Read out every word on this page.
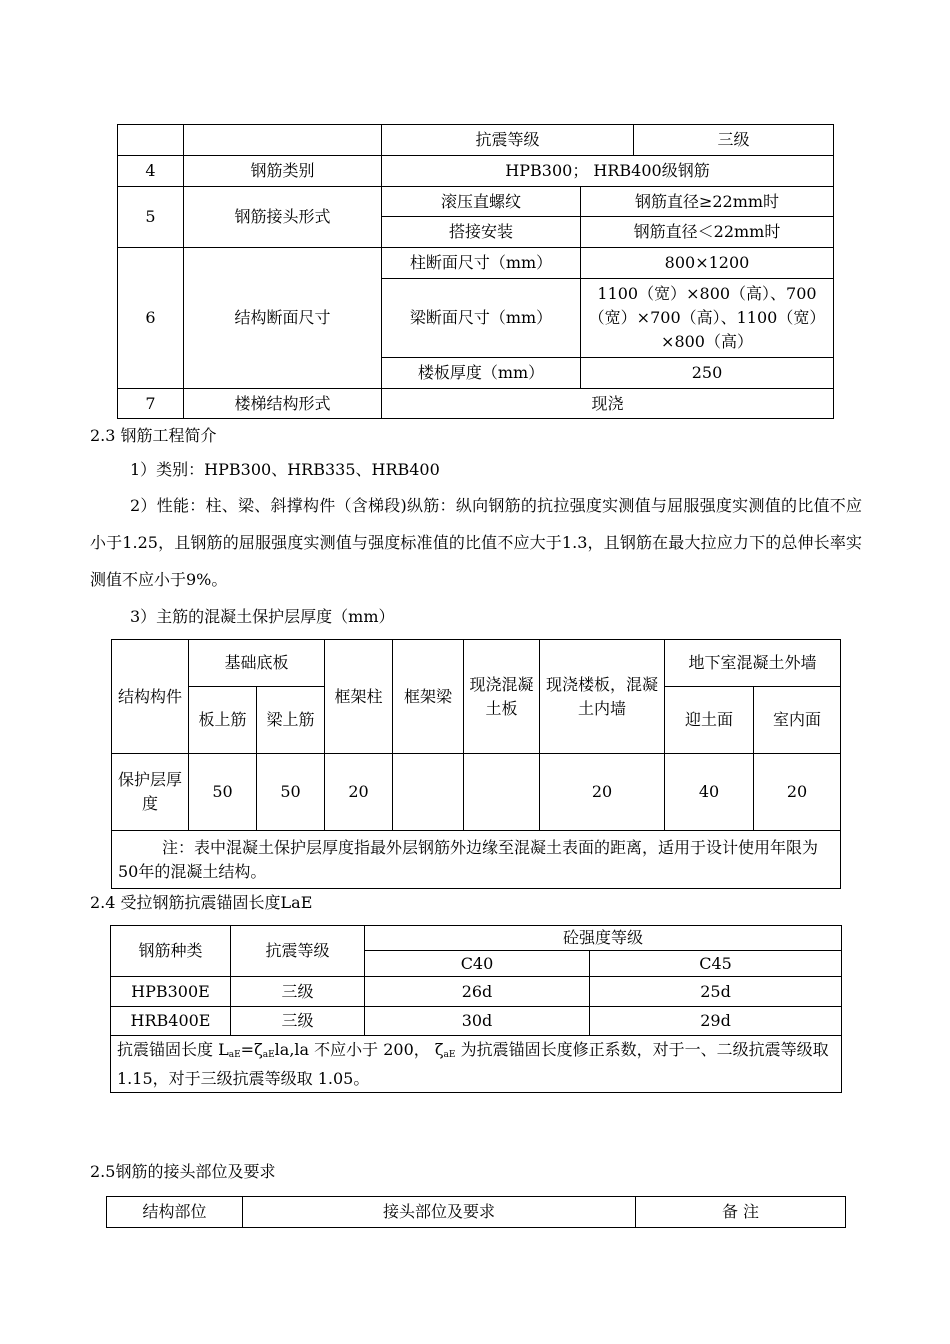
		抗震等级		三级
4	钢筋类别	HPB300； HRB400级钢筋		
5	钢筋接头形式	滚压直螺纹	钢筋直径≥22mm时	
		搭接安装	钢筋直径＜22mm时	
6	结构断面尺寸	柱断面尺寸（mm）	800×1200	
		梁断面尺寸（mm）	1100（宽）×800（高）、700（宽）×700（高）、1100（宽）×800（高）	
		楼板厚度（mm）	250	
7	楼梯结构形式	现浇		
2.3 钢筋工程简介
1）类别：HPB300、HRB335、HRB400
2）性能：柱、梁、斜撑构件（含梯段)纵筋：纵向钢筋的抗拉强度实测值与屈服强度实测值的比值不应小于1.25，且钢筋的屈服强度实测值与强度标准值的比值不应大于1.3，且钢筋在最大拉应力下的总伸长率实测值不应小于9%。
3）主筋的混凝土保护层厚度（mm）
结构构件	基础底板		框架柱	框架梁	现浇混凝土板	现浇楼板，混凝土内墙	地下室混凝土外墙	
	板上筋	梁上筋					迎土面	室内面
保护层厚度	50	50	20			20	40	20
注：表中混凝土保护层厚度指最外层钢筋外边缘至混凝土表面的距离，适用于设计使用年限为50年的混凝土结构。								
2.4 受拉钢筋抗震锚固长度LaE
钢筋种类	抗震等级	砼强度等级	
		C40	C45
HPB300E	三级	26d	25d
HRB400E	三级	30d	29d
抗震锚固长度 $L_{aE}=\zeta_{aE}la,la$ 不应小于 200， $\zeta_{aE}$ 为抗震锚固长度修正系数，对于一、二级抗震等级取 1.15，对于三级抗震等级取 1.05。			
2.5钢筋的接头部位及要求
结构部位	接头部位及要求	备 注
